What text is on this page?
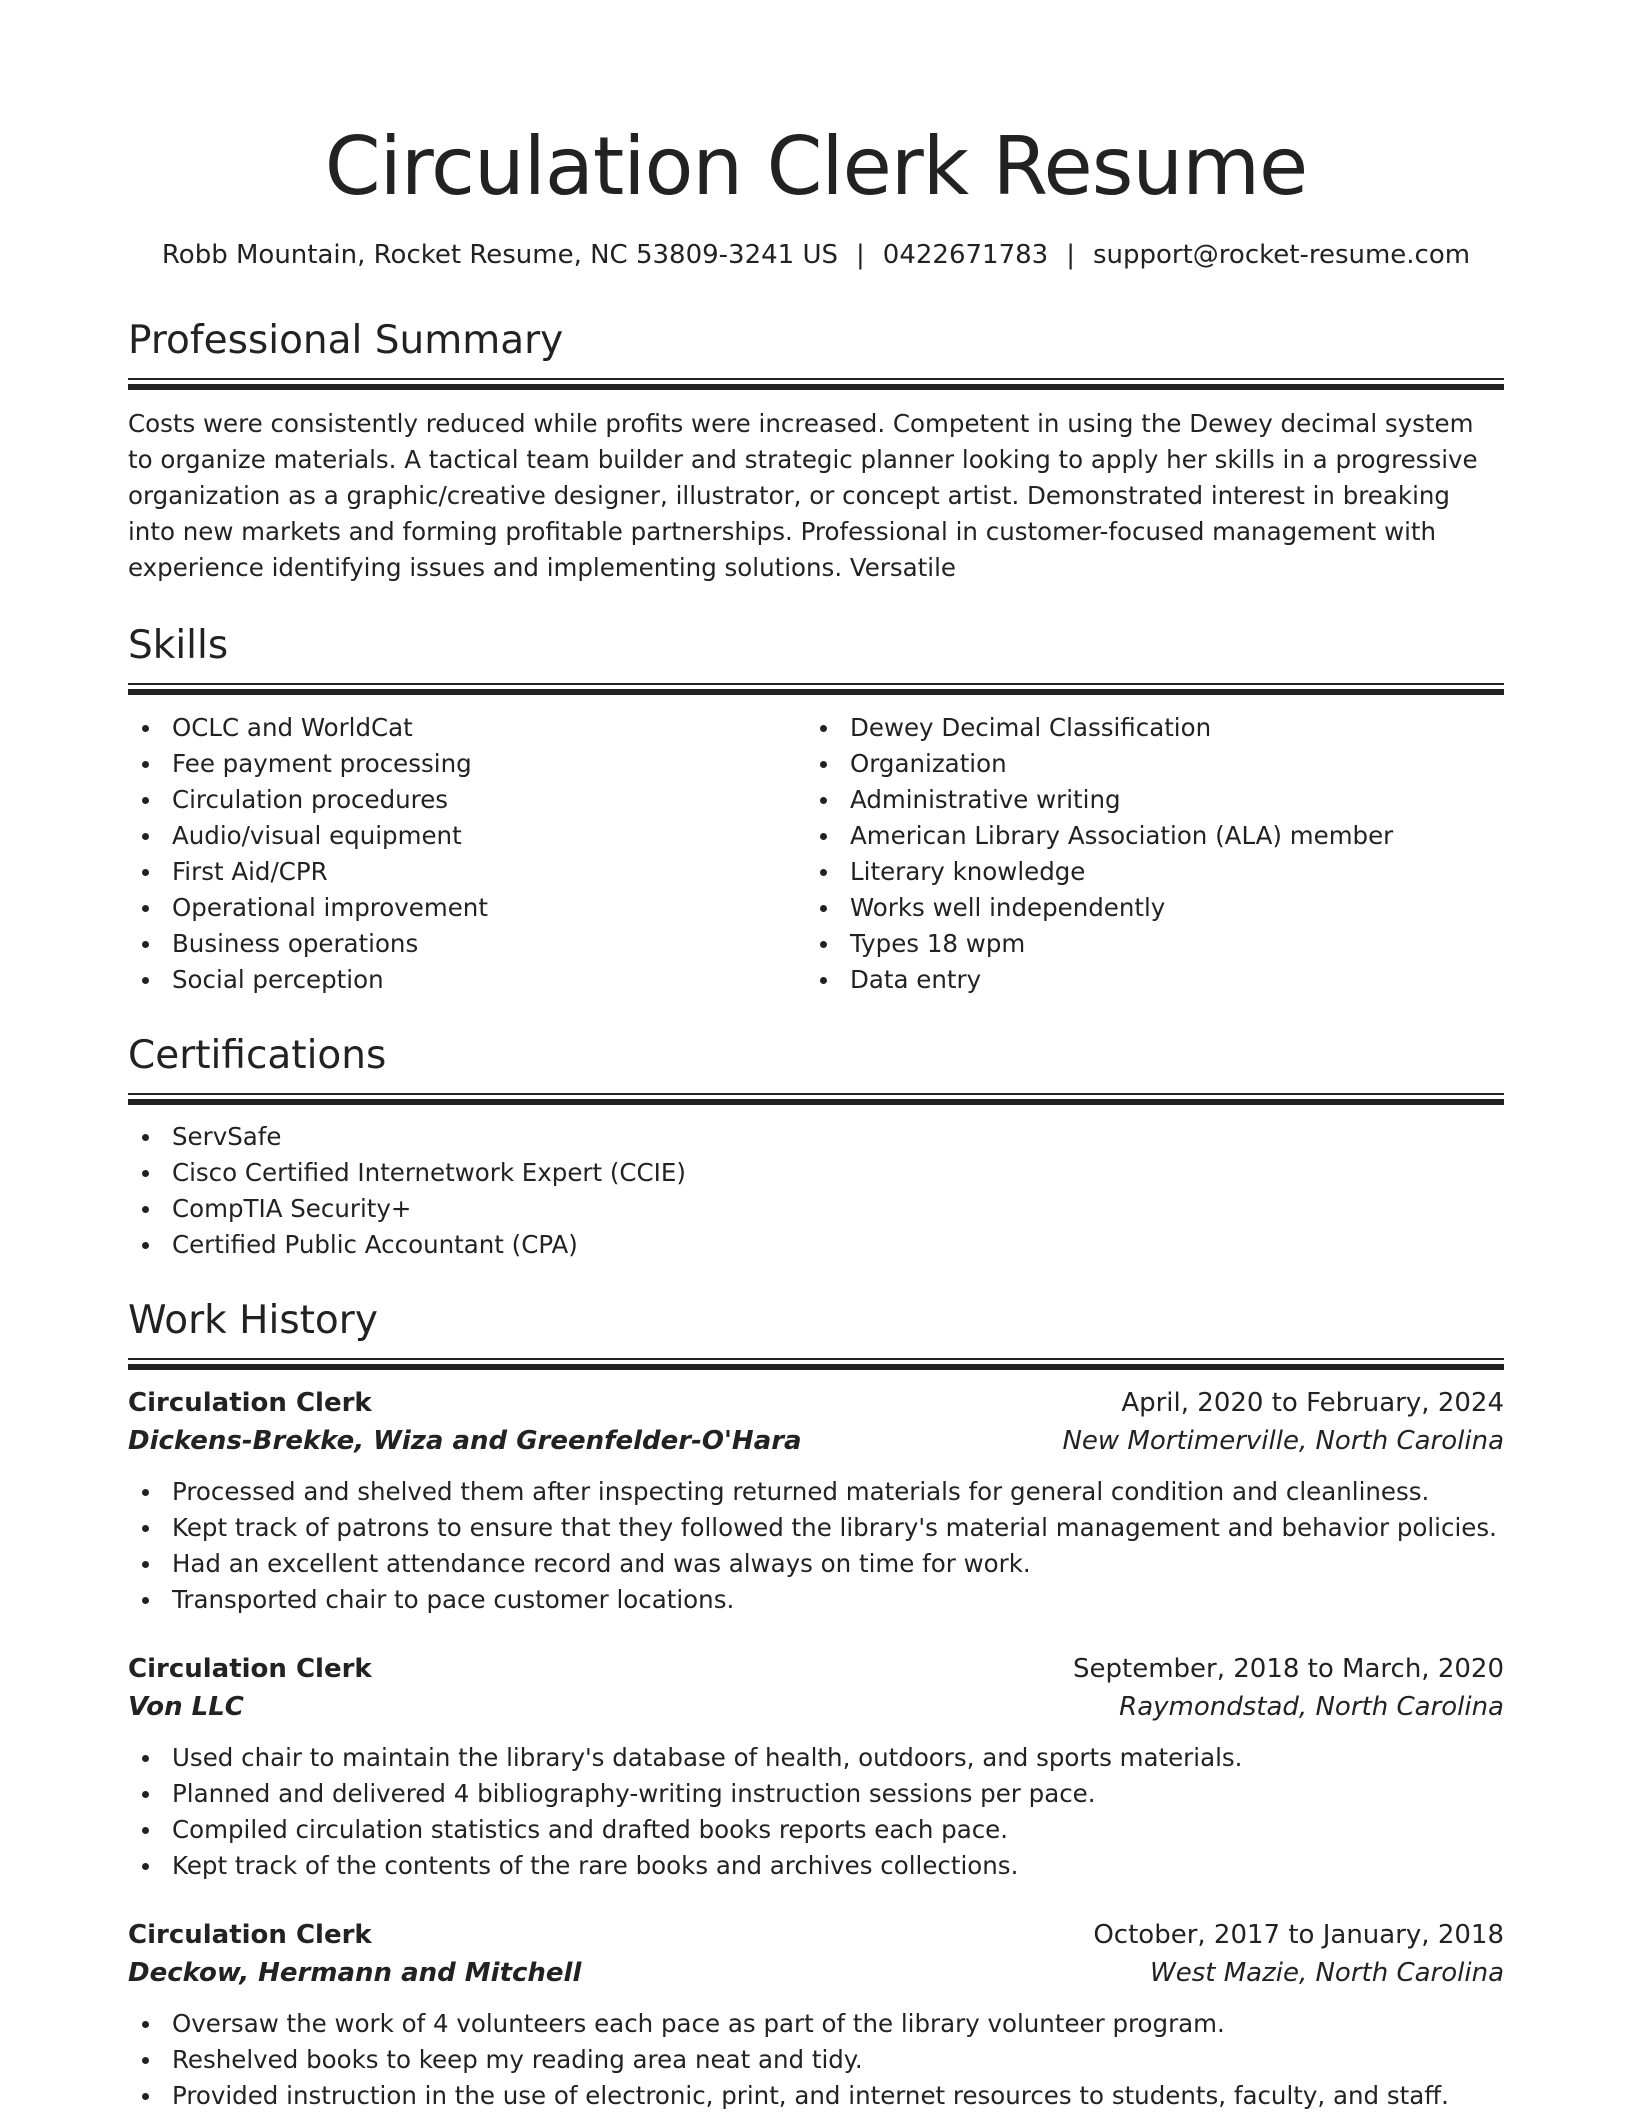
Circulation Clerk Resume
Robb Mountain, Rocket Resume, NC 53809-3241 US | 0422671783 | support@rocket-resume.com
Professional Summary

Costs were consistently reduced while profits were increased. Competent in using the Dewey decimal system to organize materials. A tactical team builder and strategic planner looking to apply her skills in a progressive organization as a graphic/creative designer, illustrator, or concept artist. Demonstrated interest in breaking into new markets and forming profitable partnerships. Professional in customer-focused management with experience identifying issues and implementing solutions. Versatile

Skills
OCLC and WorldCat
Fee payment processing
Circulation procedures
Audio/visual equipment
First Aid/CPR
Operational improvement
Business operations
Social perception
Dewey Decimal Classification
Organization
Administrative writing
American Library Association (ALA) member
Literary knowledge
Works well independently
Types 18 wpm
Data entry
Certifications
ServSafe
Cisco Certified Internetwork Expert (CCIE)
CompTIA Security+
Certified Public Accountant (CPA)
Work History
Circulation Clerk	April, 2020 to February, 2024
Dickens-Brekke, Wiza and Greenfelder-O'Hara	New Mortimerville, North Carolina
Processed and shelved them after inspecting returned materials for general condition and cleanliness.
Kept track of patrons to ensure that they followed the library's material management and behavior policies.
Had an excellent attendance record and was always on time for work.
Transported chair to pace customer locations.
Circulation Clerk	September, 2018 to March, 2020
Von LLC	Raymondstad, North Carolina
Used chair to maintain the library's database of health, outdoors, and sports materials.
Planned and delivered 4 bibliography-writing instruction sessions per pace.
Compiled circulation statistics and drafted books reports each pace.
Kept track of the contents of the rare books and archives collections.
Circulation Clerk	October, 2017 to January, 2018
Deckow, Hermann and Mitchell	West Mazie, North Carolina
Oversaw the work of 4 volunteers each pace as part of the library volunteer program.
Reshelved books to keep my reading area neat and tidy.
Provided instruction in the use of electronic, print, and internet resources to students, faculty, and staff.
